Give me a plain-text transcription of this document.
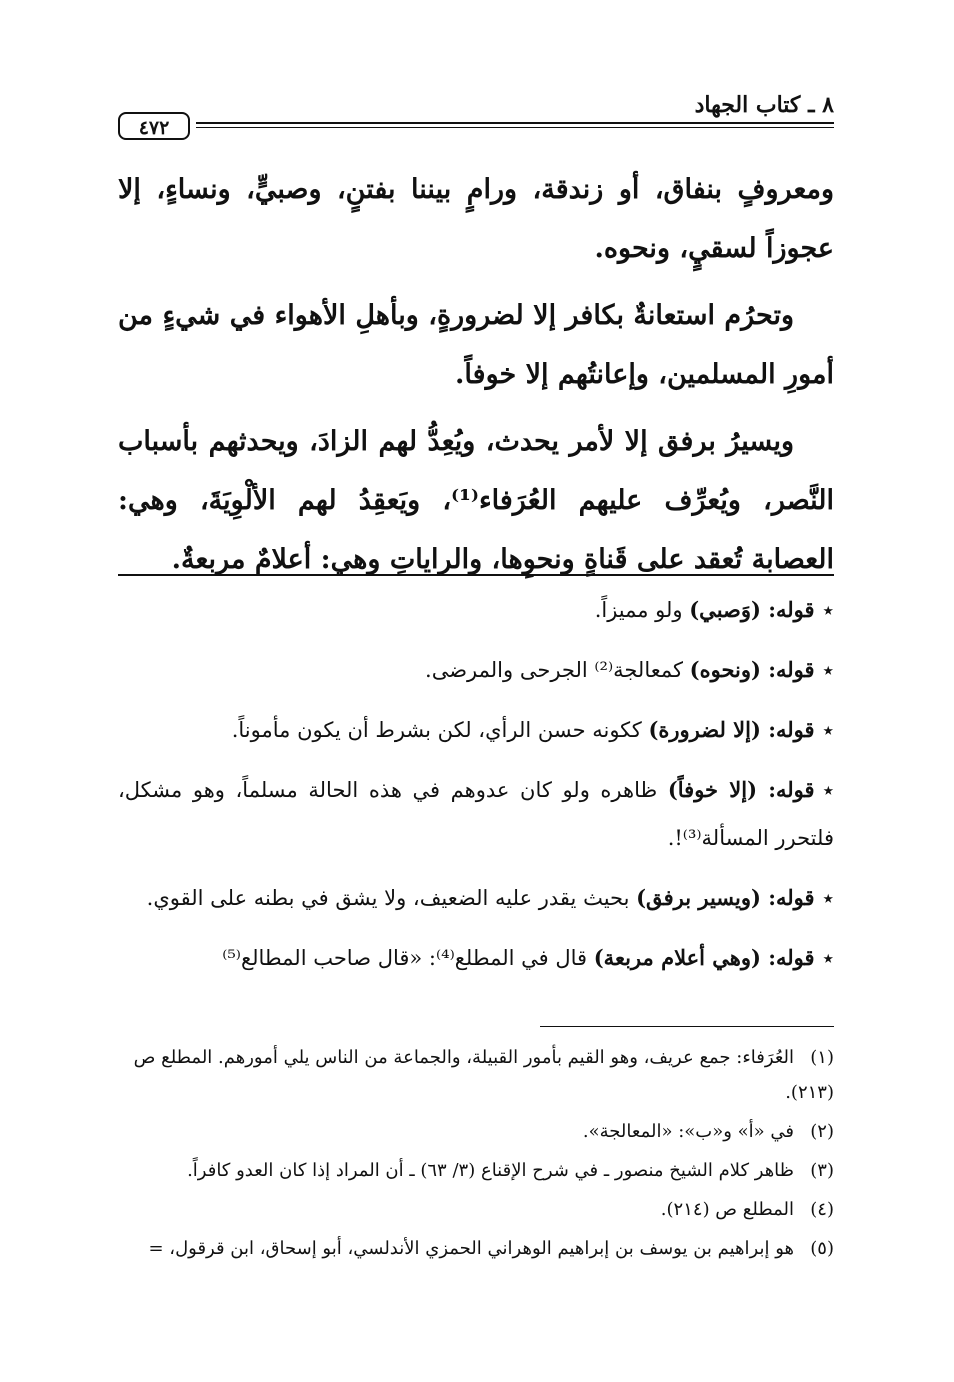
٨ ـ كتاب الجهاد
٤٧٢

ومعروفٍ بنفاق، أو زندقة، ورامٍ بيننا بفتنٍ، وصبيٍّ، ونساءٍ، إلا عجوزاً لسقيٍ، ونحوه.

وتحرُم استعانةٌ بكافر إلا لضرورةٍ، وبأهلِ الأهواء في شيءٍ من أمورِ المسلمين، وإعانتُهم إلا خوفاً.

ويسيرُ برفق إلا لأمر يحدث، ويُعِدُّ لهم الزادَ، ويحدثهم بأسباب النَّصر، ويُعرِّف عليهم العُرَفاء⁽¹⁾، ويَعقِدُ لهم الألْوِيَةَ، وهي: العصابة تُعقد على قَناةٍ ونحوِها، والراياتِ وهي: أعلامٌ مربعةٌ.

٭قوله: (وَصبي) ولو مميزاً.

٭قوله: (ونحوه) كمعالجة⁽²⁾ الجرحى والمرضى.

٭قوله: (إلا لضرورة) ككونه حسن الرأي، لكن بشرط أن يكون مأموناً.

٭قوله: (إلا خوفاً) ظاهره ولو كان عدوهم في هذه الحالة مسلماً، وهو مشكل، فلتحرر المسألة⁽³⁾!.

٭قوله: (ويسير برفق) بحيث يقدر عليه الضعيف، ولا يشق في بطنه على القوي.

٭قوله: (وهي أعلام مربعة) قال في المطلع⁽⁴⁾: «قال صاحب المطالع⁽⁵⁾

(١)العُرَفاء: جمع عريف، وهو القيم بأمور القبيلة، والجماعة من الناس يلي أمورهم. المطلع ص (٢١٣).

(٢)في «أ» و«ب»: «المعالجة».

(٣)ظاهر كلام الشيخ منصور ـ في شرح الإقناع (٣/ ٦٣) ـ أن المراد إذا كان العدو كافراً.

(٤)المطلع ص (٢١٤).

(٥)هو إبراهيم بن يوسف بن إبراهيم الوهراني الحمزي الأندلسي، أبو إسحاق، ابن قرقول، =
